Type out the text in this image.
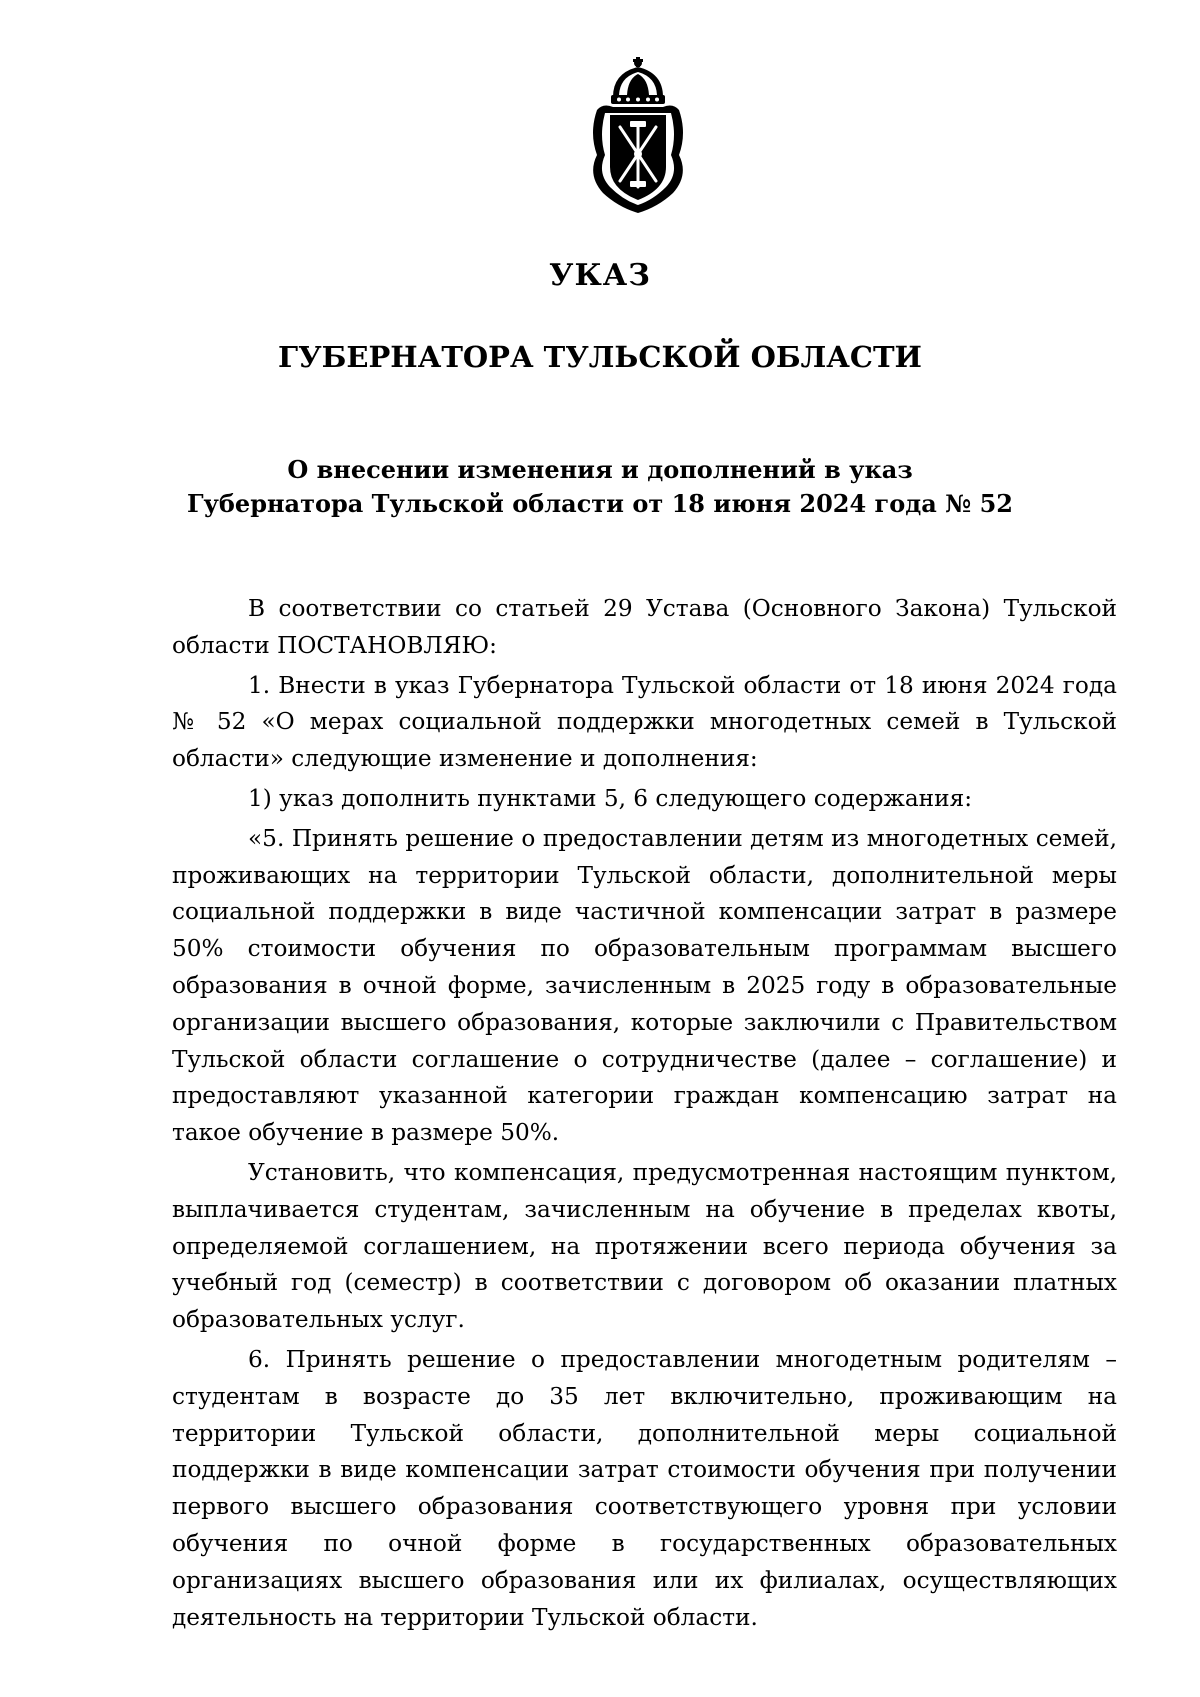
УКАЗ
ГУБЕРНАТОРА ТУЛЬСКОЙ ОБЛАСТИ
О внесении изменения и дополнений в указ
Губернатора Тульской области от 18 июня 2024 года № 52

В соответствии со статьей 29 Устава (Основного Закона) Тульской области ПОСТАНОВЛЯЮ:

1. Внести в указ Губернатора Тульской области от 18 июня 2024 года № 52 «О мерах социальной поддержки многодетных семей в Тульской области» следующие изменение и дополнения:

1) указ дополнить пунктами 5, 6 следующего содержания:

«5. Принять решение о предоставлении детям из многодетных семей, проживающих на территории Тульской области, дополнительной меры социальной поддержки в виде частичной компенсации затрат в размере 50% стоимости обучения по образовательным программам высшего образования в очной форме, зачисленным в 2025 году в образовательные организации высшего образования, которые заключили с Правительством Тульской области соглашение о сотрудничестве (далее – соглашение) и предоставляют указанной категории граждан компенсацию затрат на такое обучение в размере 50%.

Установить, что компенсация, предусмотренная настоящим пунктом, выплачивается студентам, зачисленным на обучение в пределах квоты, определяемой соглашением, на протяжении всего периода обучения за учебный год (семестр) в соответствии с договором об оказании платных образовательных услуг.

6. Принять решение о предоставлении многодетным родителям – студентам в возрасте до 35 лет включительно, проживающим на территории Тульской области, дополнительной меры социальной поддержки в виде компенсации затрат стоимости обучения при получении первого высшего образования соответствующего уровня при условии обучения по очной форме в государственных образовательных организациях высшего образования или их филиалах, осуществляющих деятельность на территории Тульской области.
